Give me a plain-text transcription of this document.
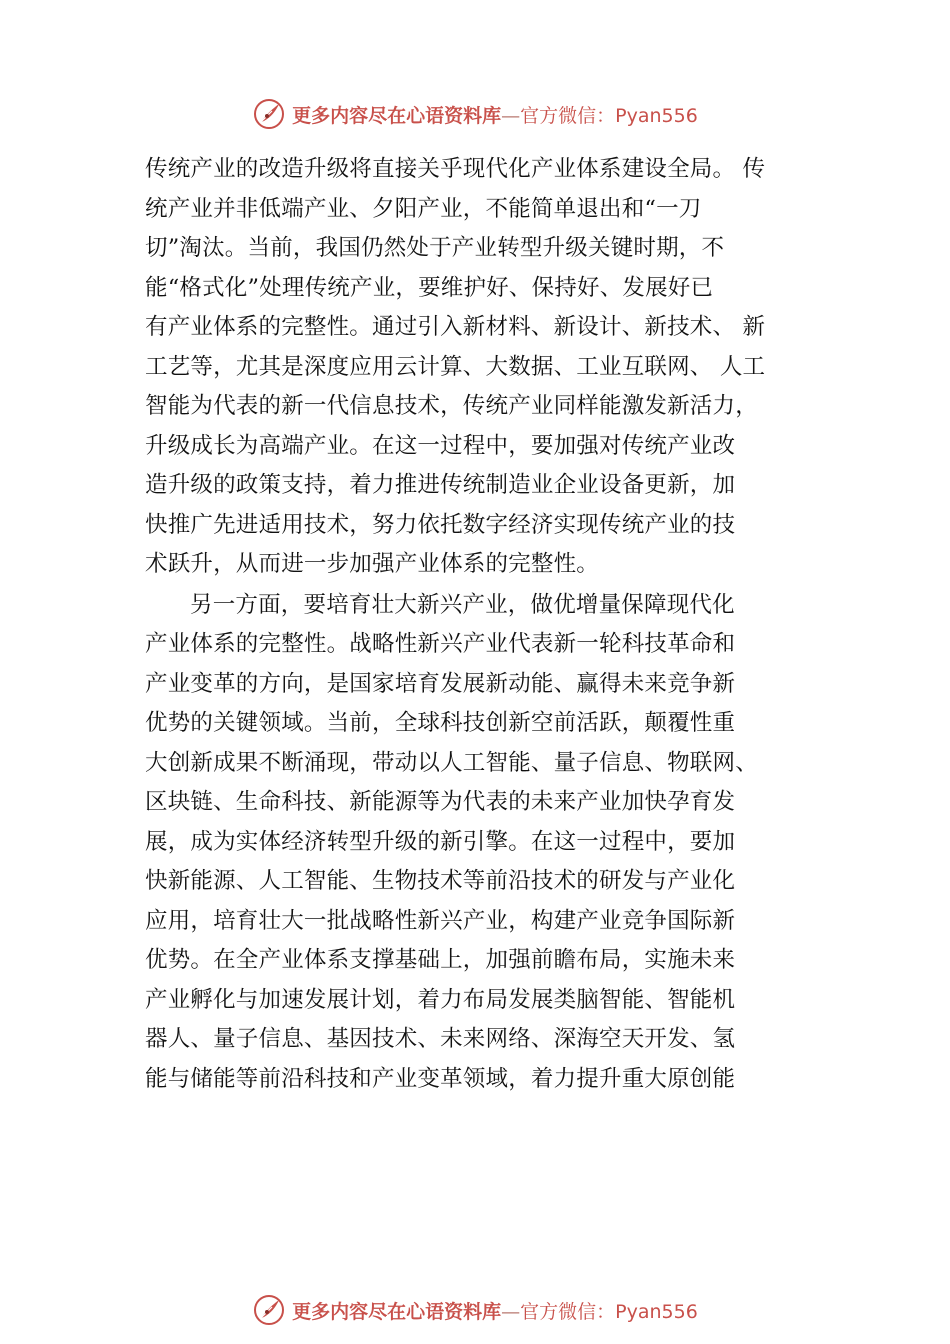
更多内容尽在心语资料库—官方微信：Pyan556
传统产业的改造升级将直接关乎现代化产业体系建设全局。 传
统产业并非低端产业、夕阳产业，不能简单退出和“一刀
切”淘汰。当前，我国仍然处于产业转型升级关键时期，不
能“格式化”处理传统产业，要维护好、保持好、发展好已
有产业体系的完整性。通过引入新材料、新设计、新技术、 新
工艺等，尤其是深度应用云计算、大数据、工业互联网、 人工
智能为代表的新一代信息技术，传统产业同样能激发新活力，
升级成长为高端产业。在这一过程中，要加强对传统产业改
造升级的政策支持，着力推进传统制造业企业设备更新，加
快推广先进适用技术，努力依托数字经济实现传统产业的技
术跃升，从而进一步加强产业体系的完整性。
另一方面，要培育壮大新兴产业，做优增量保障现代化
产业体系的完整性。战略性新兴产业代表新一轮科技革命和
产业变革的方向，是国家培育发展新动能、赢得未来竞争新
优势的关键领域。当前，全球科技创新空前活跃，颠覆性重
大创新成果不断涌现，带动以人工智能、量子信息、物联网、
区块链、生命科技、新能源等为代表的未来产业加快孕育发
展，成为实体经济转型升级的新引擎。在这一过程中，要加
快新能源、人工智能、生物技术等前沿技术的研发与产业化
应用，培育壮大一批战略性新兴产业，构建产业竞争国际新
优势。在全产业体系支撑基础上，加强前瞻布局，实施未来
产业孵化与加速发展计划，着力布局发展类脑智能、智能机
器人、量子信息、基因技术、未来网络、深海空天开发、氢
能与储能等前沿科技和产业变革领域，着力提升重大原创能
更多内容尽在心语资料库—官方微信：Pyan556
